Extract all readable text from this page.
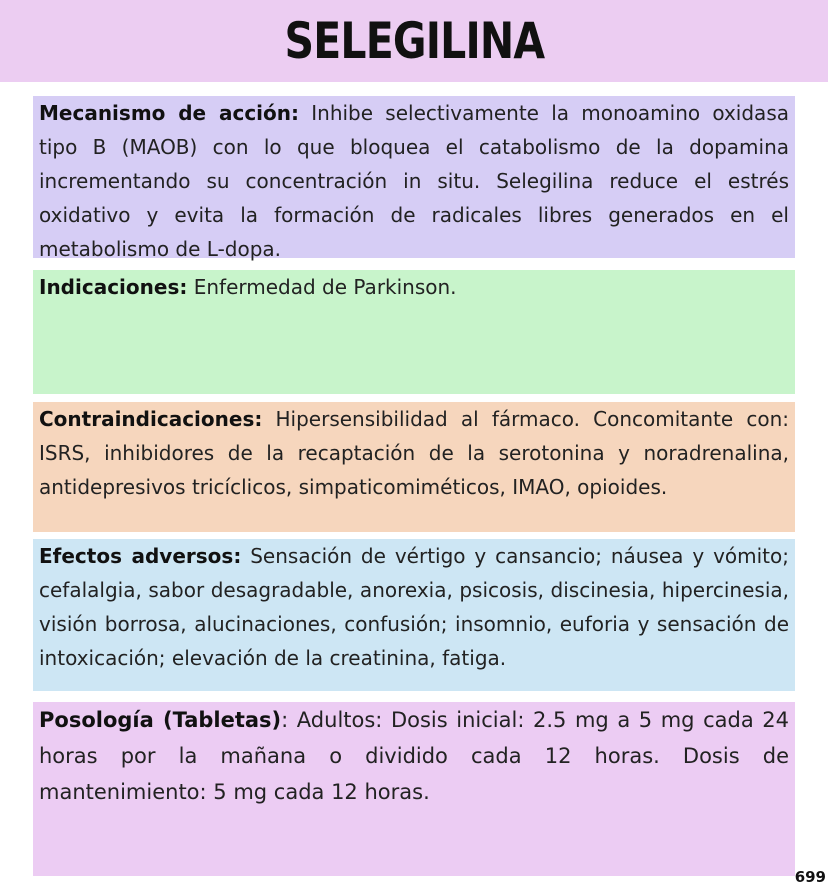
SELEGILINA

Mecanismo de acción: Inhibe selectivamente la monoamino oxidasa tipo B (MAOB) con lo que bloquea el catabolismo de la dopamina incrementando su concentración in situ. Selegilina reduce el estrés oxidativo y evita la formación de radicales libres generados en el metabolismo de L-dopa.

Indicaciones: Enfermedad de Parkinson.

Contraindicaciones: Hipersensibilidad al fármaco. Concomitante con: ISRS, inhibidores de la recaptación de la serotonina y noradrenalina, antidepresivos tricíclicos, simpaticomiméticos, IMAO, opioides.

Efectos adversos: Sensación de vértigo y cansancio; náusea y vómito; cefalalgia, sabor desagradable, anorexia, psicosis, discinesia, hipercinesia, visión borrosa, alucinaciones, confusión; insomnio, euforia y sensación de intoxicación; elevación de la creatinina, fatiga.

Posología (Tabletas): Adultos: Dosis inicial: 2.5 mg a 5 mg cada 24 horas por la mañana o dividido cada 12 horas. Dosis de mantenimiento: 5 mg cada 12 horas.

699
